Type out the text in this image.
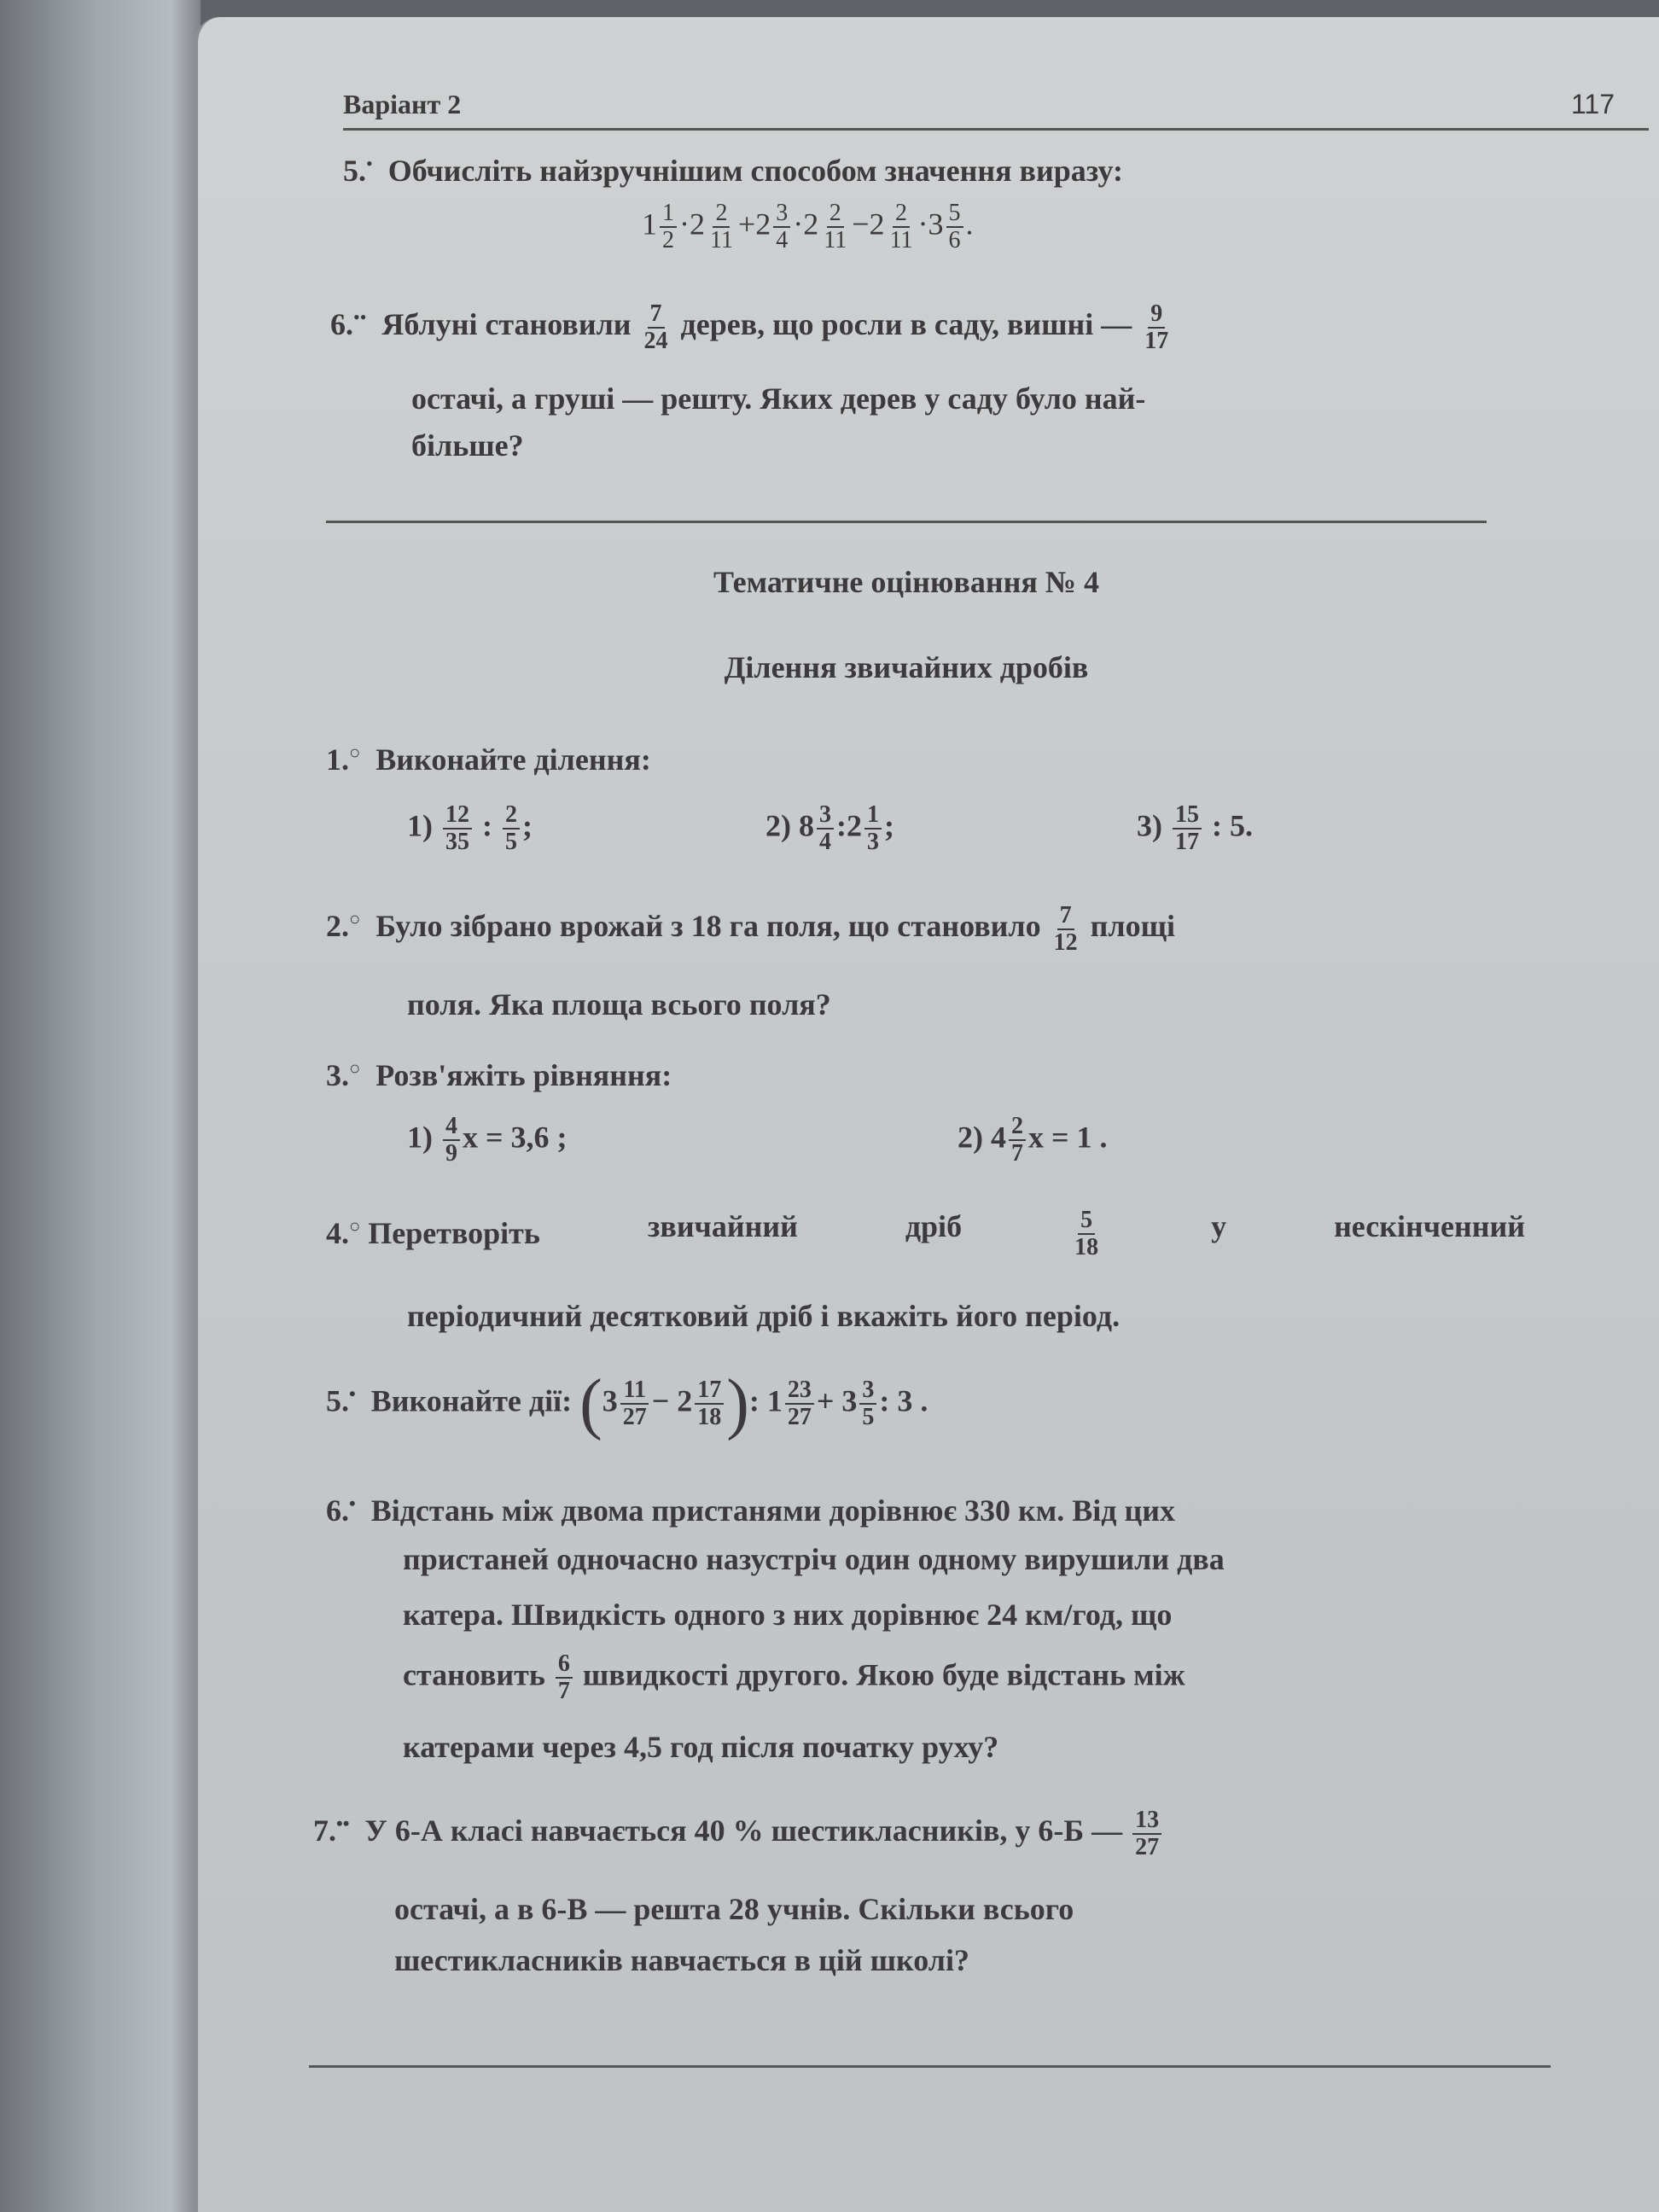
Варіант 2	117
5.• Обчисліть найзручнішим способом значення виразу:
$1 \frac{1}{2} \cdot 2 \frac{2}{11} +2 \frac{3}{4} \cdot 2 \frac{2}{11} -2 \frac{2}{11} \cdot 3 \frac{5}{6}$ .
6.•• Яблуні становили $\frac{7}{24}$ дерев, що росли в саду, вишні — $\frac{9}{17}$
остачі, а груші — решту. Яких дерев у саду було най-
більше?
Тематичне оцінювання № 4
Ділення звичайних дробів
1.○ Виконайте ділення:
$1) \frac{12}{35}$ : $\frac{2}{5}$ ;	2) $8 \frac{3}{4}$ :2 $\frac{1}{3}$ ;	$3) \frac{15}{17}$ : 5.
2.○ Було зібрано врожай з 18 га поля, що становило $\frac{7}{12}$ площі
поля. Яка площа всього поля?
3.○ Розв'яжіть рівняння:
$1) \frac{4}{9}$ x = 3,6 ;	2) $4 \frac{2}{7}$ x = 1 .
4.○ Перетворіть	звичайний	дріб	$\frac{5}{18}$	у	нескінченний
періодичний десятковий дріб і вкажіть його період.
5.• Виконайте дії: ($3 \frac{11}{27} - 2 \frac{17}{18}$ ): $1 \frac{23}{27} + 3 \frac{3}{5}$ : 3 .
6.• Відстань між двома пристанями дорівнює 330 км. Від цих
пристаней одночасно назустріч один одному вирушили два
катера. Швидкість одного з них дорівнює 24 км/год, що
становить $\frac{6}{7}$ швидкості другого. Якою буде відстань між
катерами через 4,5 год після початку руху?
7.•• У 6-А класі навчається 40 % шестикласників, у 6-Б — $\frac{13}{27}$
остачі, а в 6-В — решта 28 учнів. Скільки всього
шестикласників навчається в цій школі?
